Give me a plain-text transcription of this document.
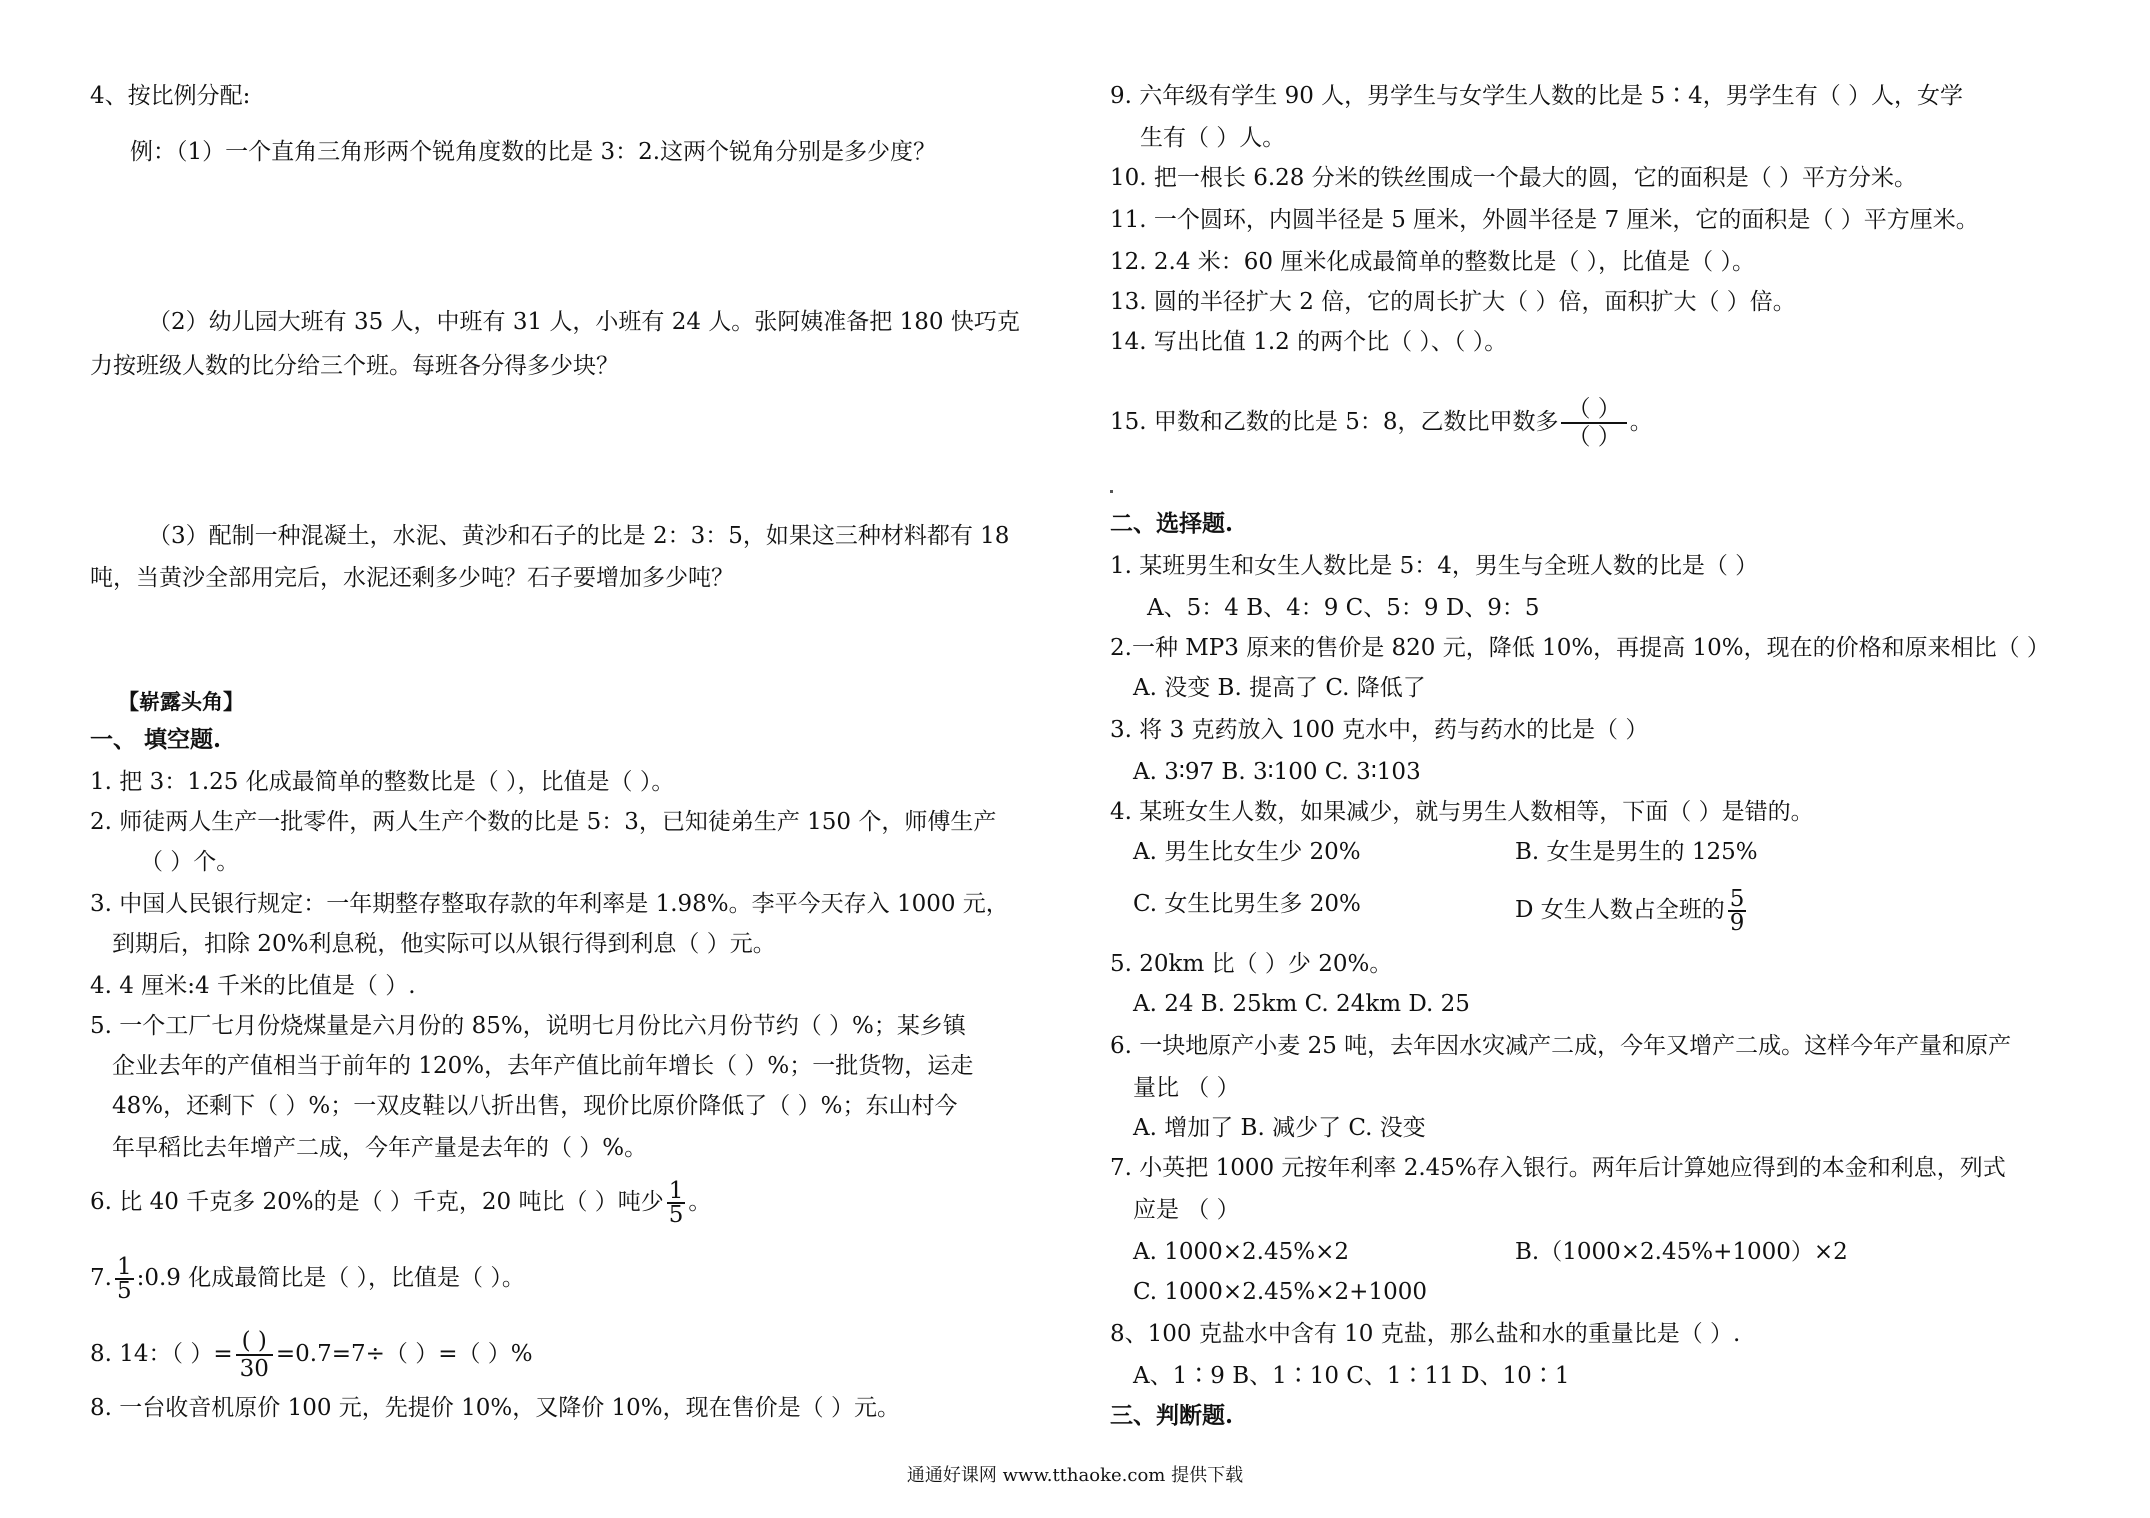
4、按比例分配:
例：（1）一个直角三角形两个锐角度数的比是 3：2.这两个锐角分别是多少度？
（2）幼儿园大班有 35 人，中班有 31 人，小班有 24 人。张阿姨准备把 180 快巧克
力按班级人数的比分给三个班。每班各分得多少块？
（3）配制一种混凝土，水泥、黄沙和石子的比是 2：3：5，如果这三种材料都有 18
吨，当黄沙全部用完后，水泥还剩多少吨？石子要增加多少吨？
【崭露头角】
一、 填空题.
1. 把 3：1.25 化成最简单的整数比是（ ），比值是（ ）。
2. 师徒两人生产一批零件，两人生产个数的比是 5：3，已知徒弟生产 150 个，师傅生产
（ ）个。
3. 中国人民银行规定：一年期整存整取存款的年利率是 1.98%。李平今天存入 1000 元，
到期后，扣除 20%利息税，他实际可以从银行得到利息（ ）元。
4. 4 厘米:4 千米的比值是（ ）.
5. 一个工厂七月份烧煤量是六月份的 85%，说明七月份比六月份节约（ ）%；某乡镇
企业去年的产值相当于前年的 120%，去年产值比前年增长（ ）%；一批货物，运走
48%，还剩下（ ）%；一双皮鞋以八折出售，现价比原价降低了（ ）%；东山村今
年早稻比去年增产二成，今年产量是去年的（ ）%。
6. 比 40 千克多 20%的是（ ）千克，20 吨比（ ）吨少 $\frac{1}{5}$ 。
7. $\frac{1}{5}$ :0.9 化成最简比是（ ），比值是（ ）。
8. 14：（ ）= $\frac{( )}{30} =0.7=7\div$（ ）=（ ）%
8. 一台收音机原价 100 元，先提价 10%，又降价 10%，现在售价是（ ）元。
9. 六年级有学生 90 人，男学生与女学生人数的比是 5∶4，男学生有（ ）人，女学
生有（ ）人。
10. 把一根长 6.28 分米的铁丝围成一个最大的圆，它的面积是（ ）平方分米。
11. 一个圆环，内圆半径是 5 厘米，外圆半径是 7 厘米，它的面积是（ ）平方厘米。
12. 2.4 米：60 厘米化成最简单的整数比是（ ），比值是（ ）。
13. 圆的半径扩大 2 倍，它的周长扩大（ ）倍，面积扩大（ ）倍。
14. 写出比值 1.2 的两个比（ ）、（ ）。
15. 甲数和乙数的比是 5：8，乙数比甲数多 $\frac{( )}{( )}$ 。
二、选择题.
1. 某班男生和女生人数比是 5：4，男生与全班人数的比是（ ）
A、5：4 B、4：9 C、5：9 D、9：5
2.一种 MP3 原来的售价是 820 元，降低 10%，再提高 10%，现在的价格和原来相比（ ）
A. 没变 B. 提高了 C. 降低了
3. 将 3 克药放入 100 克水中，药与药水的比是（ ）
A. 3∶97 B. 3∶100 C. 3∶103
4. 某班女生人数，如果减少，就与男生人数相等，下面（ ）是错的。
A. 男生比女生少 20%	B. 女生是男生的 125%
C. 女生比男生多 20%	D 女生人数占全班的 $\frac{5}{9}$
5. 20km 比（ ）少 20%。
A. 24 B. 25km C. 24km D. 25
6. 一块地原产小麦 25 吨，去年因水灾减产二成，今年又增产二成。这样今年产量和原产
量比 （ ）
A. 增加了 B. 减少了 C. 没变
7. 小英把 1000 元按年利率 2.45%存入银行。两年后计算她应得到的本金和利息，列式
应是 （ ）
A. 1000×2.45%×2	B.（1000×2.45%+1000）×2
C. 1000×2.45%×2+1000
8、100 克盐水中含有 10 克盐，那么盐和水的重量比是（ ）.
A、1∶9 B、1∶10 C、1∶11 D、10∶1
三、判断题.
通通好课网 www.tthaoke.com 提供下载
